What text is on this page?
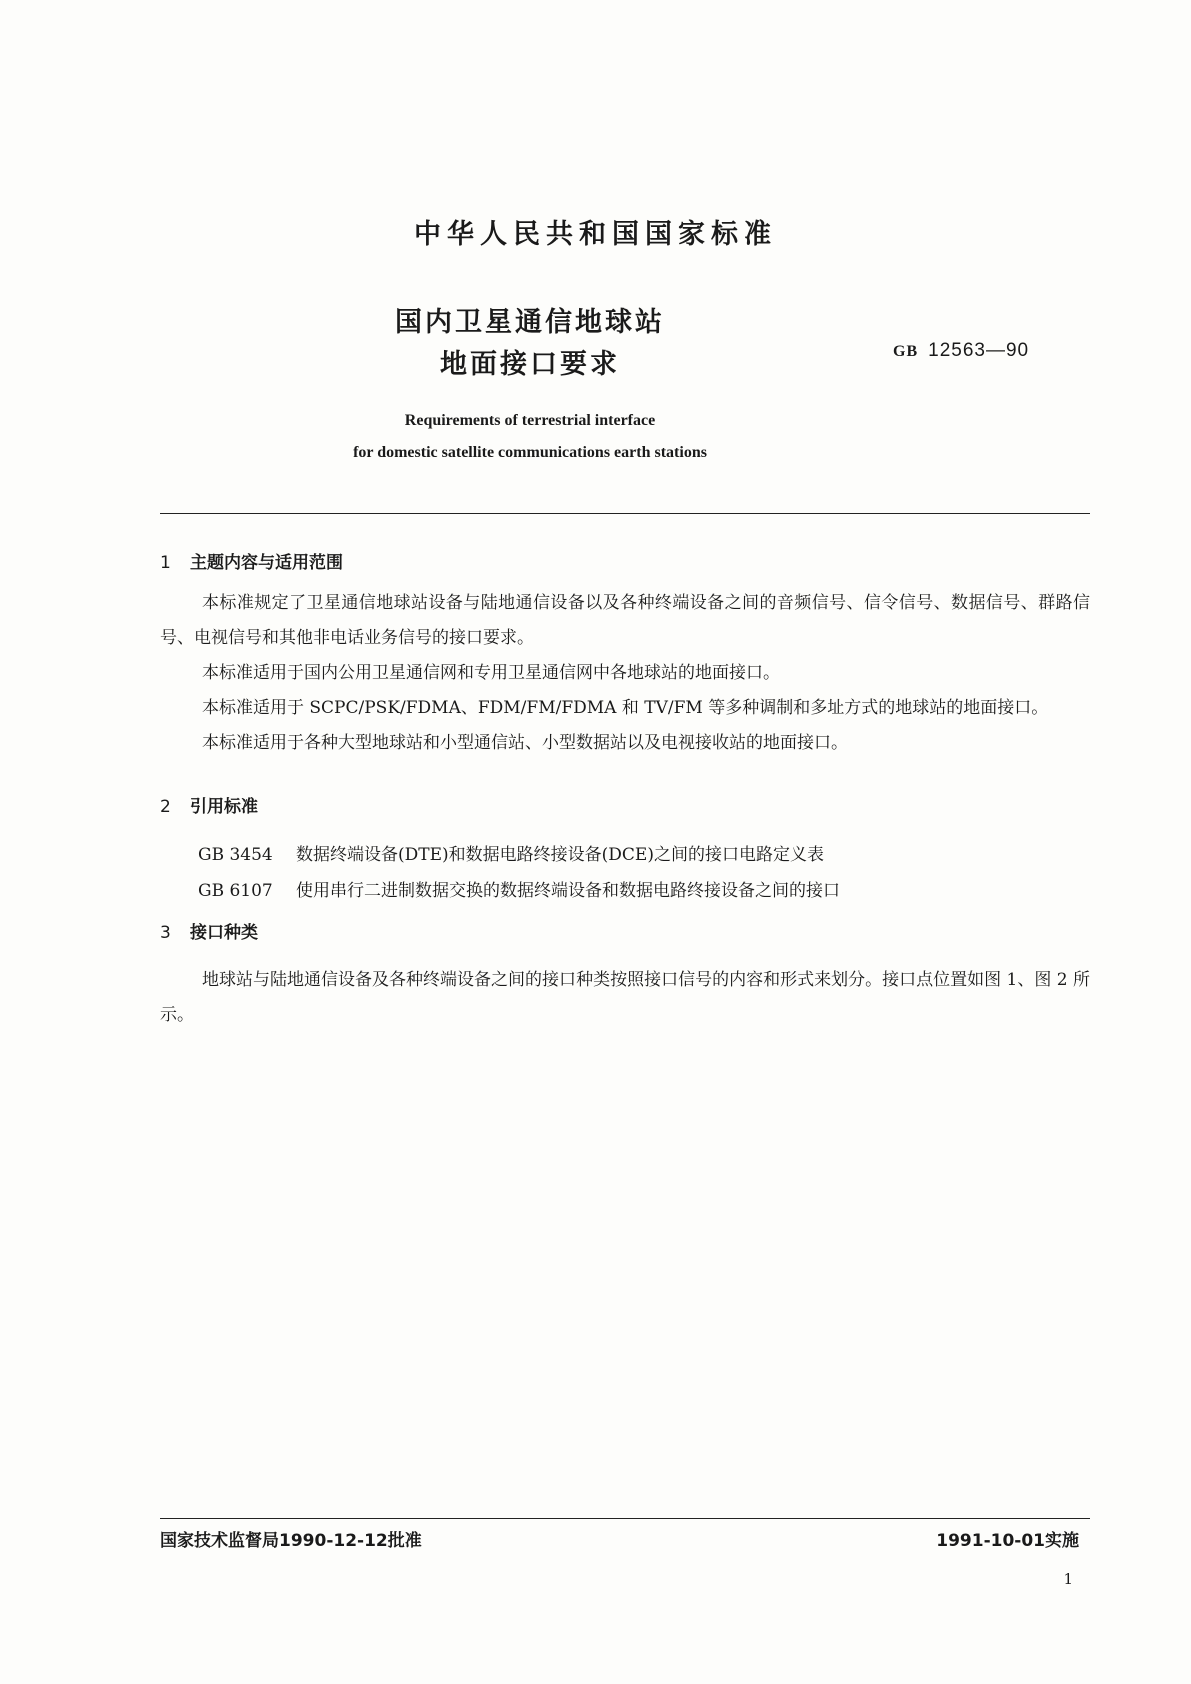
中华人民共和国国家标准
国内卫星通信地球站
地面接口要求	GB 12563—90
Requirements of terrestrial interface
for domestic satellite communications earth stations
1 主题内容与适用范围

本标准规定了卫星通信地球站设备与陆地通信设备以及各种终端设备之间的音频信号、信令信号、数据信号、群路信号、电视信号和其他非电话业务信号的接口要求。

本标准适用于国内公用卫星通信网和专用卫星通信网中各地球站的地面接口。

本标准适用于 SCPC/PSK/FDMA、FDM/FM/FDMA 和 TV/FM 等多种调制和多址方式的地球站的地面接口。

本标准适用于各种大型地球站和小型通信站、小型数据站以及电视接收站的地面接口。

2 引用标准
GB 3454 数据终端设备(DTE)和数据电路终接设备(DCE)之间的接口电路定义表
GB 6107 使用串行二进制数据交换的数据终端设备和数据电路终接设备之间的接口
3 接口种类

地球站与陆地通信设备及各种终端设备之间的接口种类按照接口信号的内容和形式来划分。接口点位置如图 1、图 2 所示。

国家技术监督局1990-12-12批准	1991-10-01实施
1
